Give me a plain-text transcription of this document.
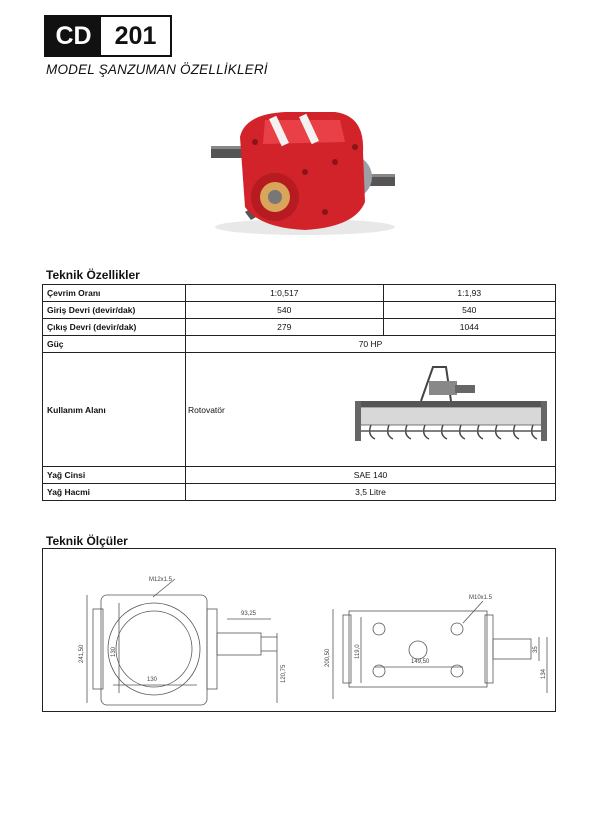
CD 201
MODEL ŞANZUMAN ÖZELLİKLERİ
Teknik Özellikler
Çevrim Oranı	1:0,517	1:1,93
Giriş Devri (devir/dak)	540	540
Çıkış Devri (devir/dak)	279	1044
Güç	70 HP	
Kullanım Alanı	Rotovatör	

Yağ Cinsi	SAE 140	
Yağ Hacmi	3,5 Litre	
Teknik Ölçüler
M12x1.5
241,50	130
130
93,25
120,75
M10x1.5
200,50	119,0
149,50
35
134
